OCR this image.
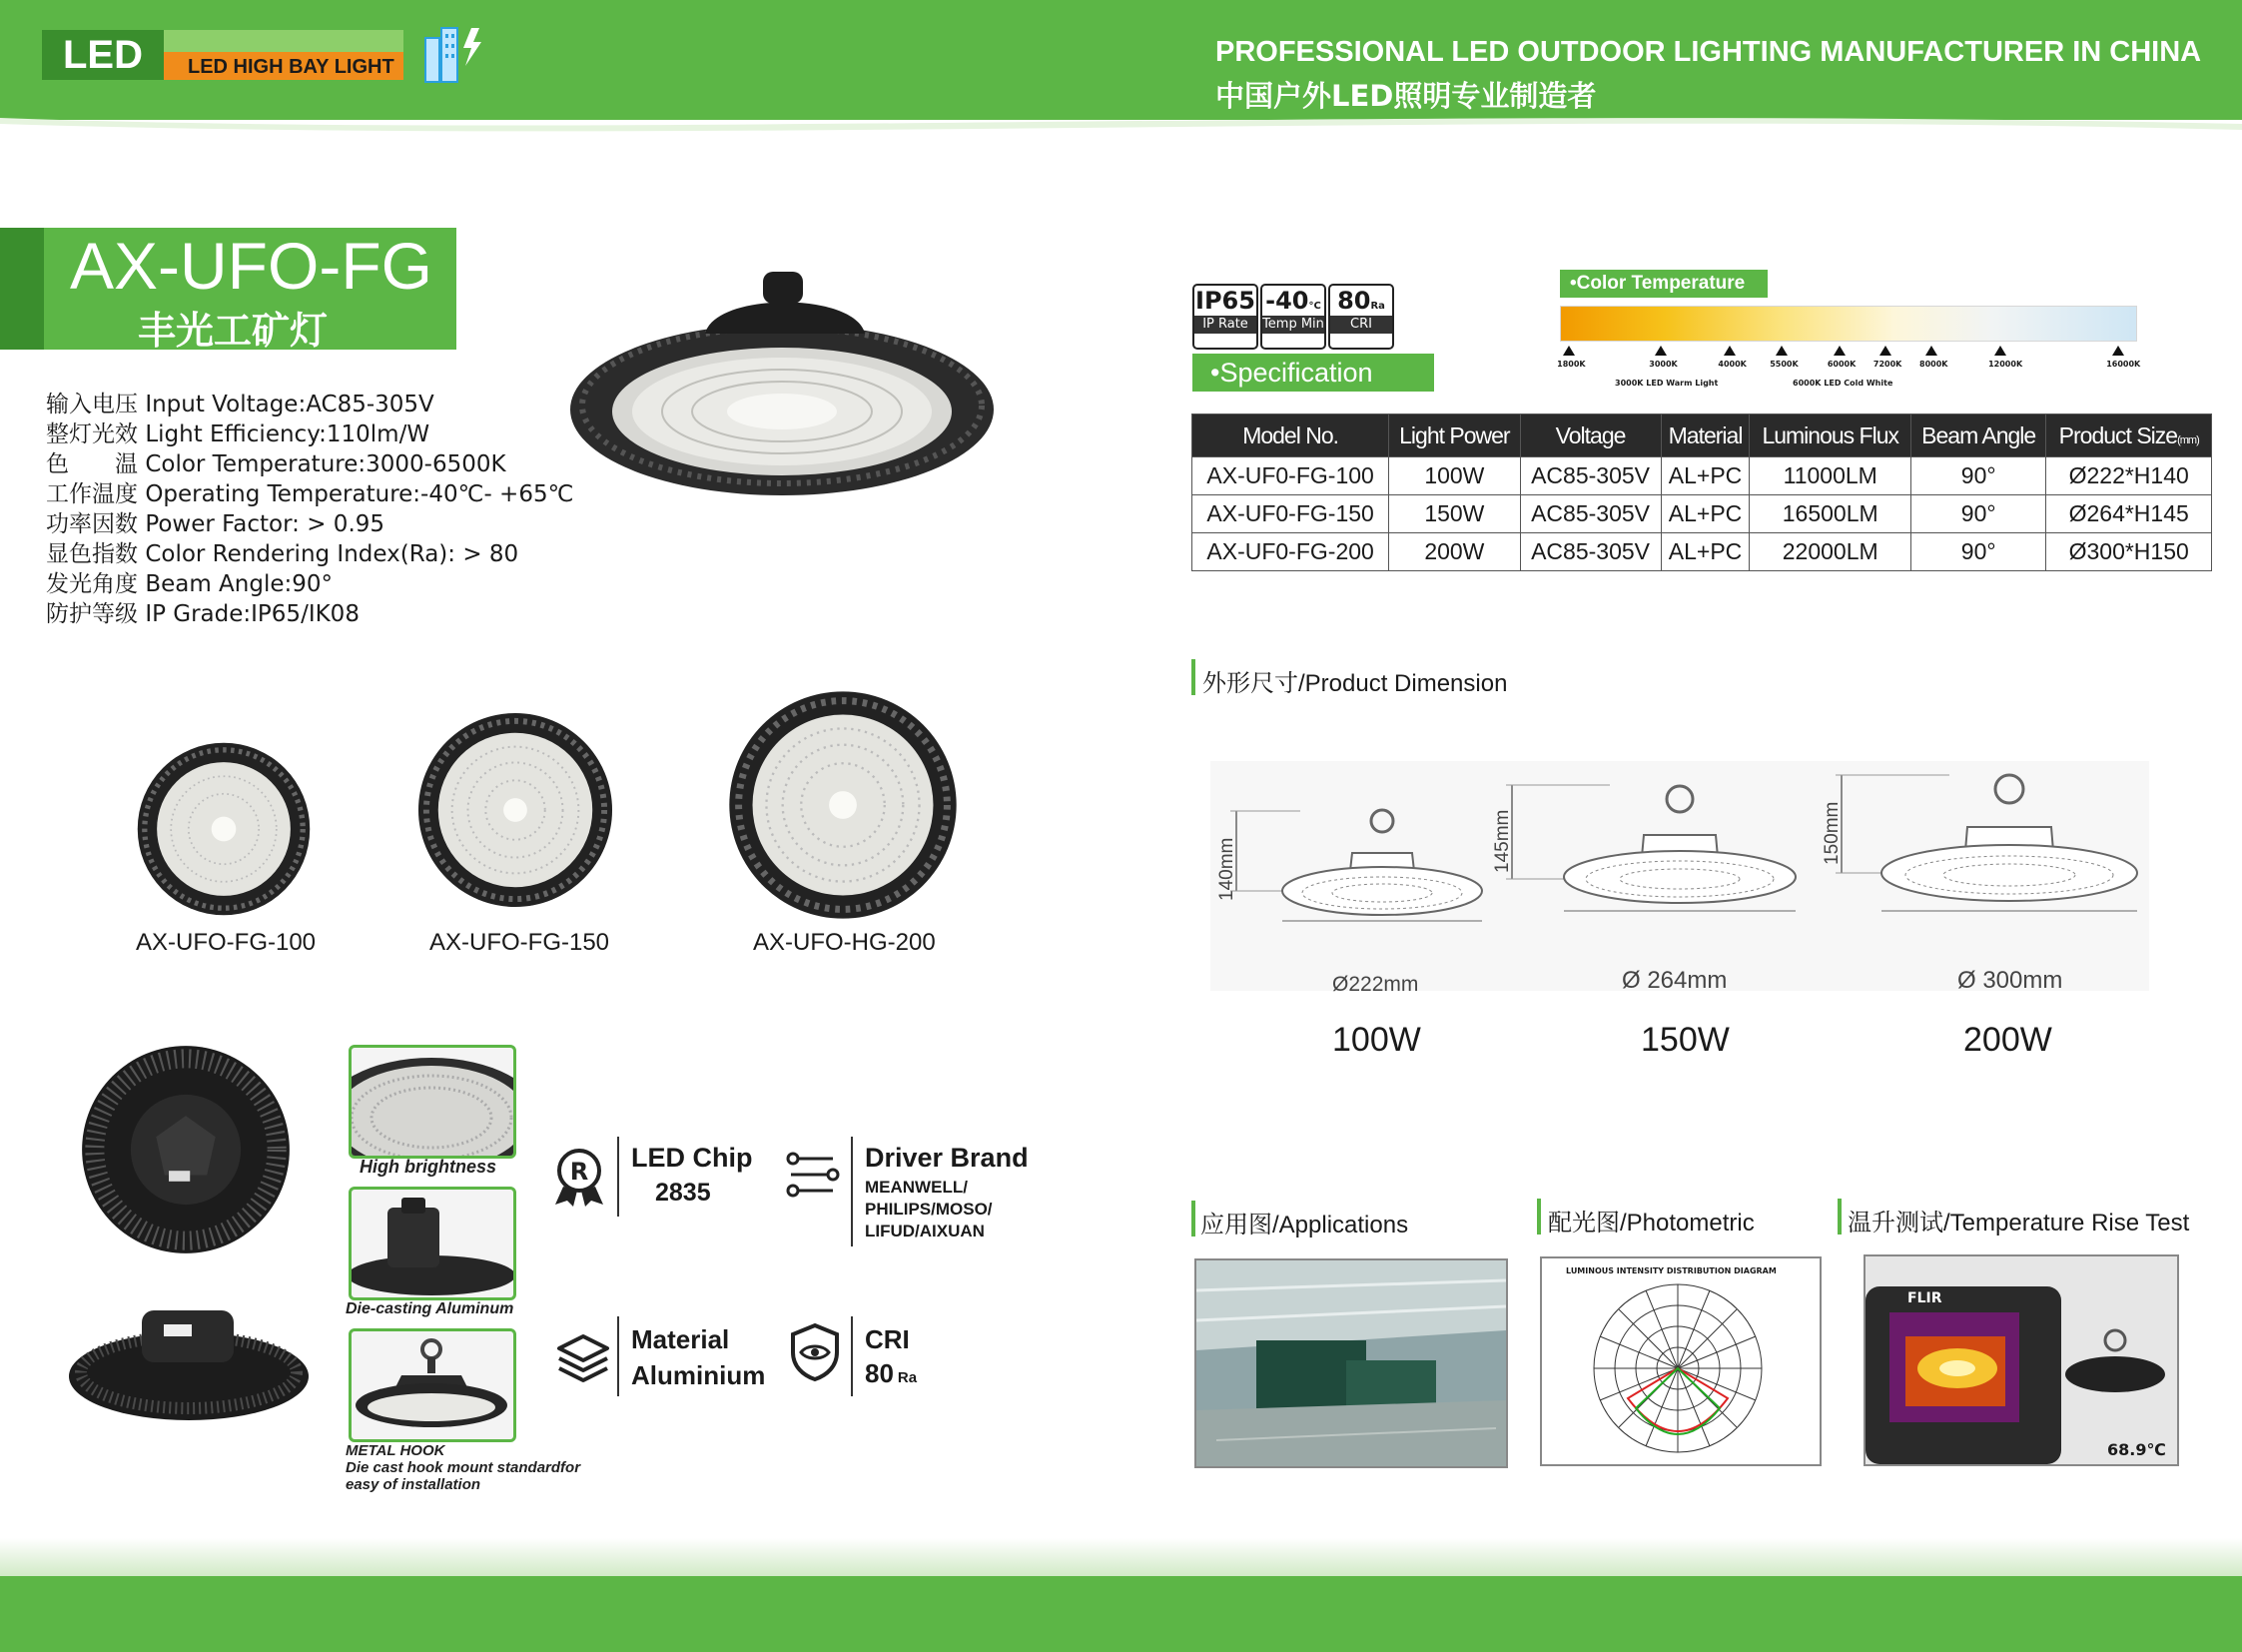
LED	LED HIGH BAY LIGHT	PROFESSIONAL LED OUTDOOR LIGHTING MANUFACTURER IN CHINA
中国户外LED照明专业制造者
AX-UFO-FG
丰光工矿灯
输入电压 Input Voltage:AC85-305V
整灯光效 Light Efficiency:110lm/W
色　　温 Color Temperature:3000-6500K
工作温度 Operating Temperature:-40℃- +65℃
功率因数 Power Factor: > 0.95
显色指数 Color Rendering Index(Ra): > 80
发光角度 Beam Angle:90°
防护等级 IP Grade:IP65/IK08
AX-UFO-FG-100	AX-UFO-FG-150	AX-UFO-HG-200
High brightness
Die-casting Aluminum
METAL HOOK
Die cast hook mount standardfor
easy of installation
R LED Chip
2835
Driver Brand
MEANWELL/
PHILIPS/MOSO/
LIFUD/AIXUAN
Material
Aluminium
CRI
80 Ra
IP65
IP Rate
-40°C
Temp Min
80Ra
CRI
•Specification
•Color Temperature
1800K	3000K	4000K	5500K	6000K 7200K 8000K	12000K	16000K
3000K LED Warm Light	6000K LED Cold White
Model No.	Light Power	Voltage	Material	Luminous Flux	Beam Angle	Product Size(mm)
AX-UF0-FG-100	100W	AC85-305V	AL+PC	11000LM	90°	Ø222*H140
AX-UF0-FG-150	150W	AC85-305V	AL+PC	16500LM	90°	Ø264*H145
AX-UF0-FG-200	200W	AC85-305V	AL+PC	22000LM	90°	Ø300*H150
外形尺寸/Product Dimension
140mm	145mm	150mm
Ø222mm	Ø 264mm	Ø 300mm
100W	150W	200W
应用图/Applications	配光图/Photometric	温升测试/Temperature Rise Test
LUMINOUS INTENSITY DISTRIBUTION DIAGRAM
FLIR
68.9℃
